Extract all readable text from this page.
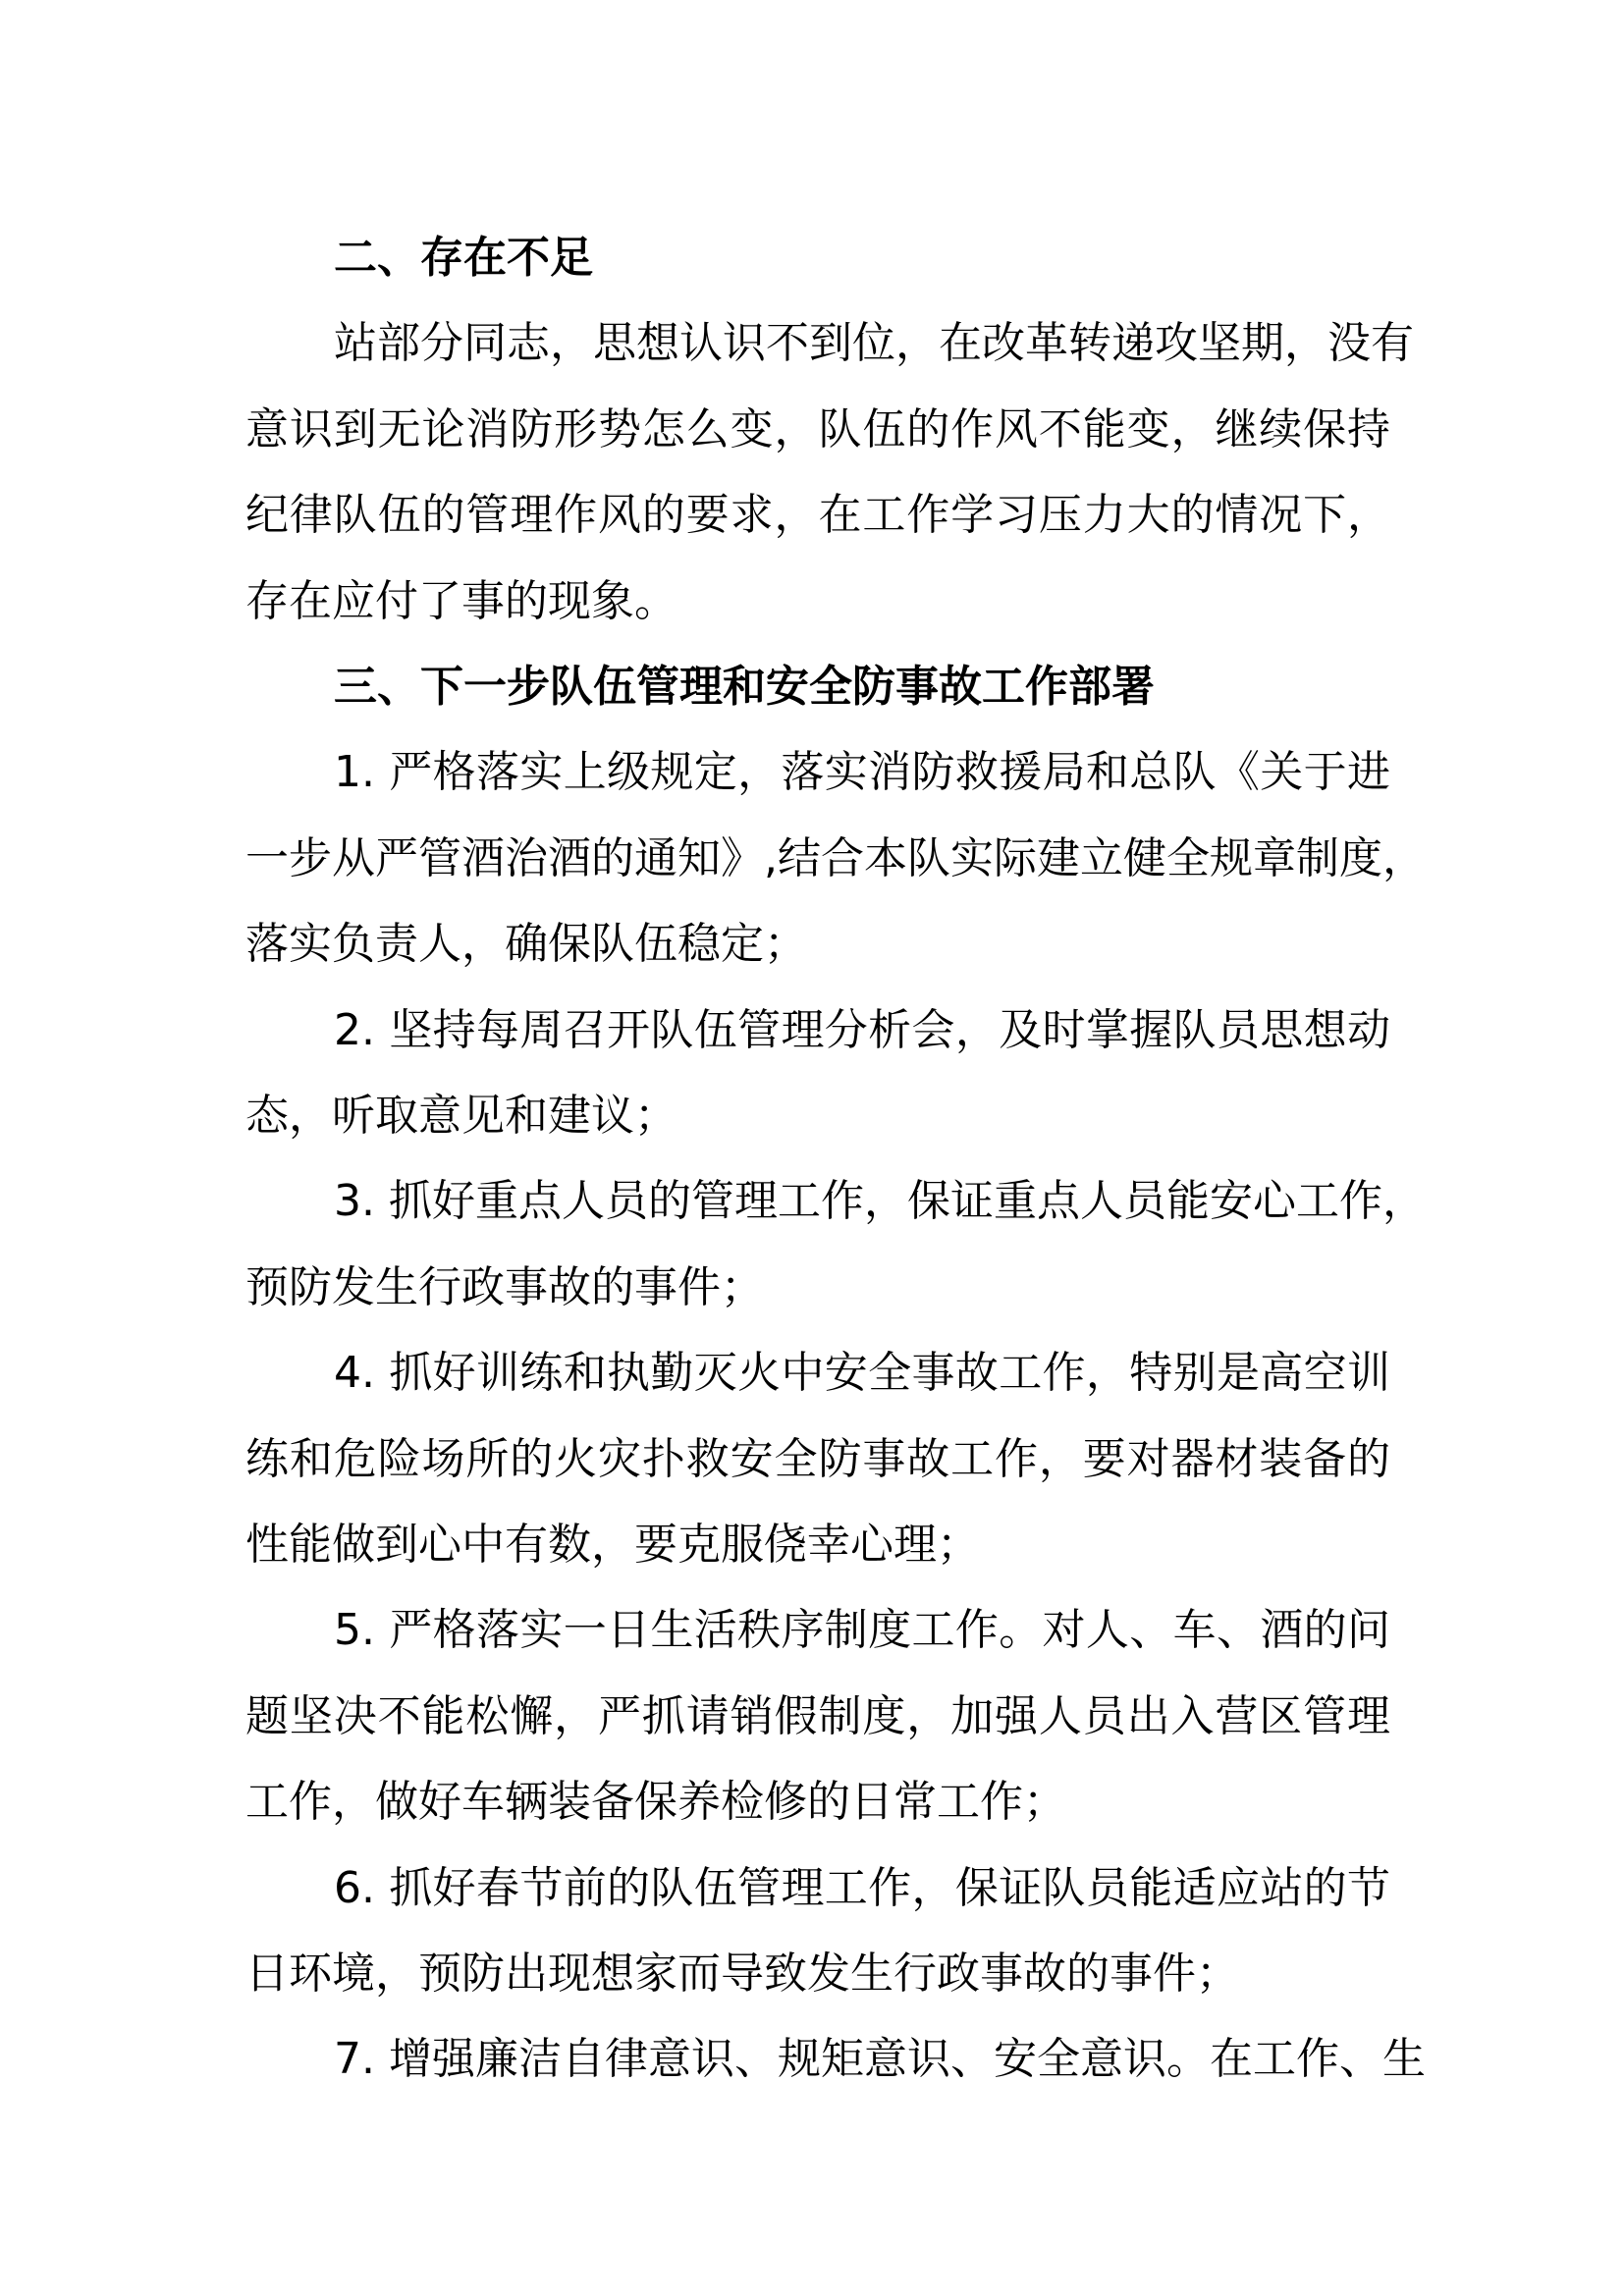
二、存在不足
站部分同志，思想认识不到位，在改革转递攻坚期，没有
意识到无论消防形势怎么变，队伍的作风不能变，继续保持
纪律队伍的管理作风的要求，在工作学习压力大的情况下，
存在应付了事的现象。
三、下一步队伍管理和安全防事故工作部署
1. 严格落实上级规定，落实消防救援局和总队《关于进
一步从严管酒治酒的通知》,结合本队实际建立健全规章制度，
落实负责人，确保队伍稳定；
2. 坚持每周召开队伍管理分析会，及时掌握队员思想动
态，听取意见和建议；
3. 抓好重点人员的管理工作，保证重点人员能安心工作，
预防发生行政事故的事件；
4. 抓好训练和执勤灭火中安全事故工作，特别是高空训
练和危险场所的火灾扑救安全防事故工作，要对器材装备的
性能做到心中有数，要克服侥幸心理；
5. 严格落实一日生活秩序制度工作。对人、车、酒的问
题坚决不能松懈，严抓请销假制度，加强人员出入营区管理
工作，做好车辆装备保养检修的日常工作；
6. 抓好春节前的队伍管理工作，保证队员能适应站的节
日环境，预防出现想家而导致发生行政事故的事件；
7. 增强廉洁自律意识、规矩意识、安全意识。在工作、生
